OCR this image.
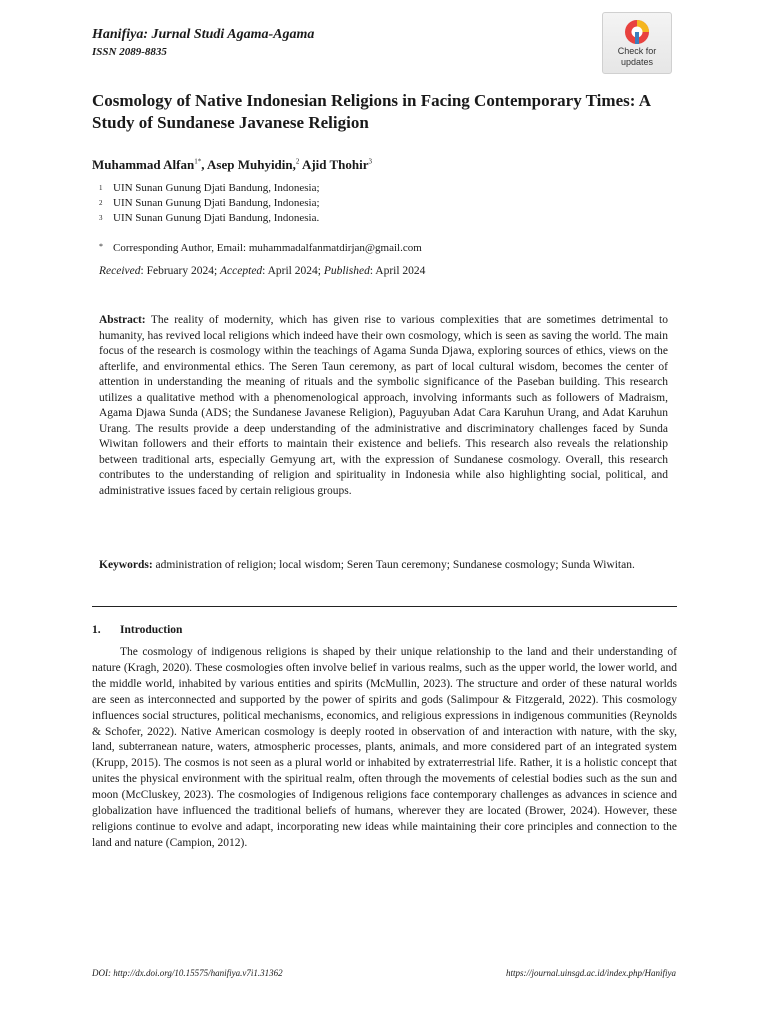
Hanifiya: Jurnal Studi Agama-Agama
ISSN 2089-8835	Check for
updates
Cosmology of Native Indonesian Religions in Facing Contemporary Times: A Study of Sundanese Javanese Religion
Muhammad Alfan$^{1*}$, Asep Muhyidin,$^2$ Ajid Thohir$^3$
1 UIN Sunan Gunung Djati Bandung, Indonesia;
2 UIN Sunan Gunung Djati Bandung, Indonesia;
3 UIN Sunan Gunung Djati Bandung, Indonesia.
* Corresponding Author, Email: muhammadalfanmatdirjan@gmail.com
Received: February 2024; Accepted: April 2024; Published: April 2024
Abstract: The reality of modernity, which has given rise to various complexities that are sometimes detrimental to humanity, has revived local religions which indeed have their own cosmology, which is seen as saving the world. The main focus of the research is cosmology within the teachings of Agama Sunda Djawa, exploring sources of ethics, views on the afterlife, and environmental ethics. The Seren Taun ceremony, as part of local cultural wisdom, becomes the center of attention in understanding the meaning of rituals and the symbolic significance of the Paseban building. This research utilizes a qualitative method with a phenomenological approach, involving informants such as followers of Madraism, Agama Djawa Sunda (ADS; the Sundanese Javanese Religion), Paguyuban Adat Cara Karuhun Urang, and Adat Karuhun Urang. The results provide a deep understanding of the administrative and discriminatory challenges faced by Sunda Wiwitan followers and their efforts to maintain their existence and beliefs. This research also reveals the relationship between traditional arts, especially Gemyung art, with the expression of Sundanese cosmology. Overall, this research contributes to the understanding of religion and spirituality in Indonesia while also highlighting social, political, and administrative issues faced by certain religious groups.
Keywords: administration of religion; local wisdom; Seren Taun ceremony; Sundanese cosmology; Sunda Wiwitan.
1. Introduction
The cosmology of indigenous religions is shaped by their unique relationship to the land and their understanding of nature (Kragh, 2020). These cosmologies often involve belief in various realms, such as the upper world, the lower world, and the middle world, inhabited by various entities and spirits (McMullin, 2023). The structure and order of these natural worlds are seen as interconnected and supported by the power of spirits and gods (Salimpour & Fitzgerald, 2022). This cosmology influences social structures, political mechanisms, economics, and religious expressions in indigenous communities (Reynolds & Schofer, 2022). Native American cosmology is deeply rooted in observation of and interaction with nature, with the sky, land, subterranean nature, waters, atmospheric processes, plants, animals, and more considered part of an integrated system (Krupp, 2015). The cosmos is not seen as a plural world or inhabited by extraterrestrial life. Rather, it is a holistic concept that unites the physical environment with the spiritual realm, often through the movements of celestial bodies such as the sun and moon (McCluskey, 2023). The cosmologies of Indigenous religions face contemporary challenges as advances in science and globalization have influenced the traditional beliefs of humans, wherever they are located (Brower, 2024). However, these religions continue to evolve and adapt, incorporating new ideas while maintaining their core principles and connection to the land and nature (Campion, 2012).
DOI: http://dx.doi.org/10.15575/hanifiya.v7i1.31362	https://journal.uinsgd.ac.id/index.php/Hanifiya
